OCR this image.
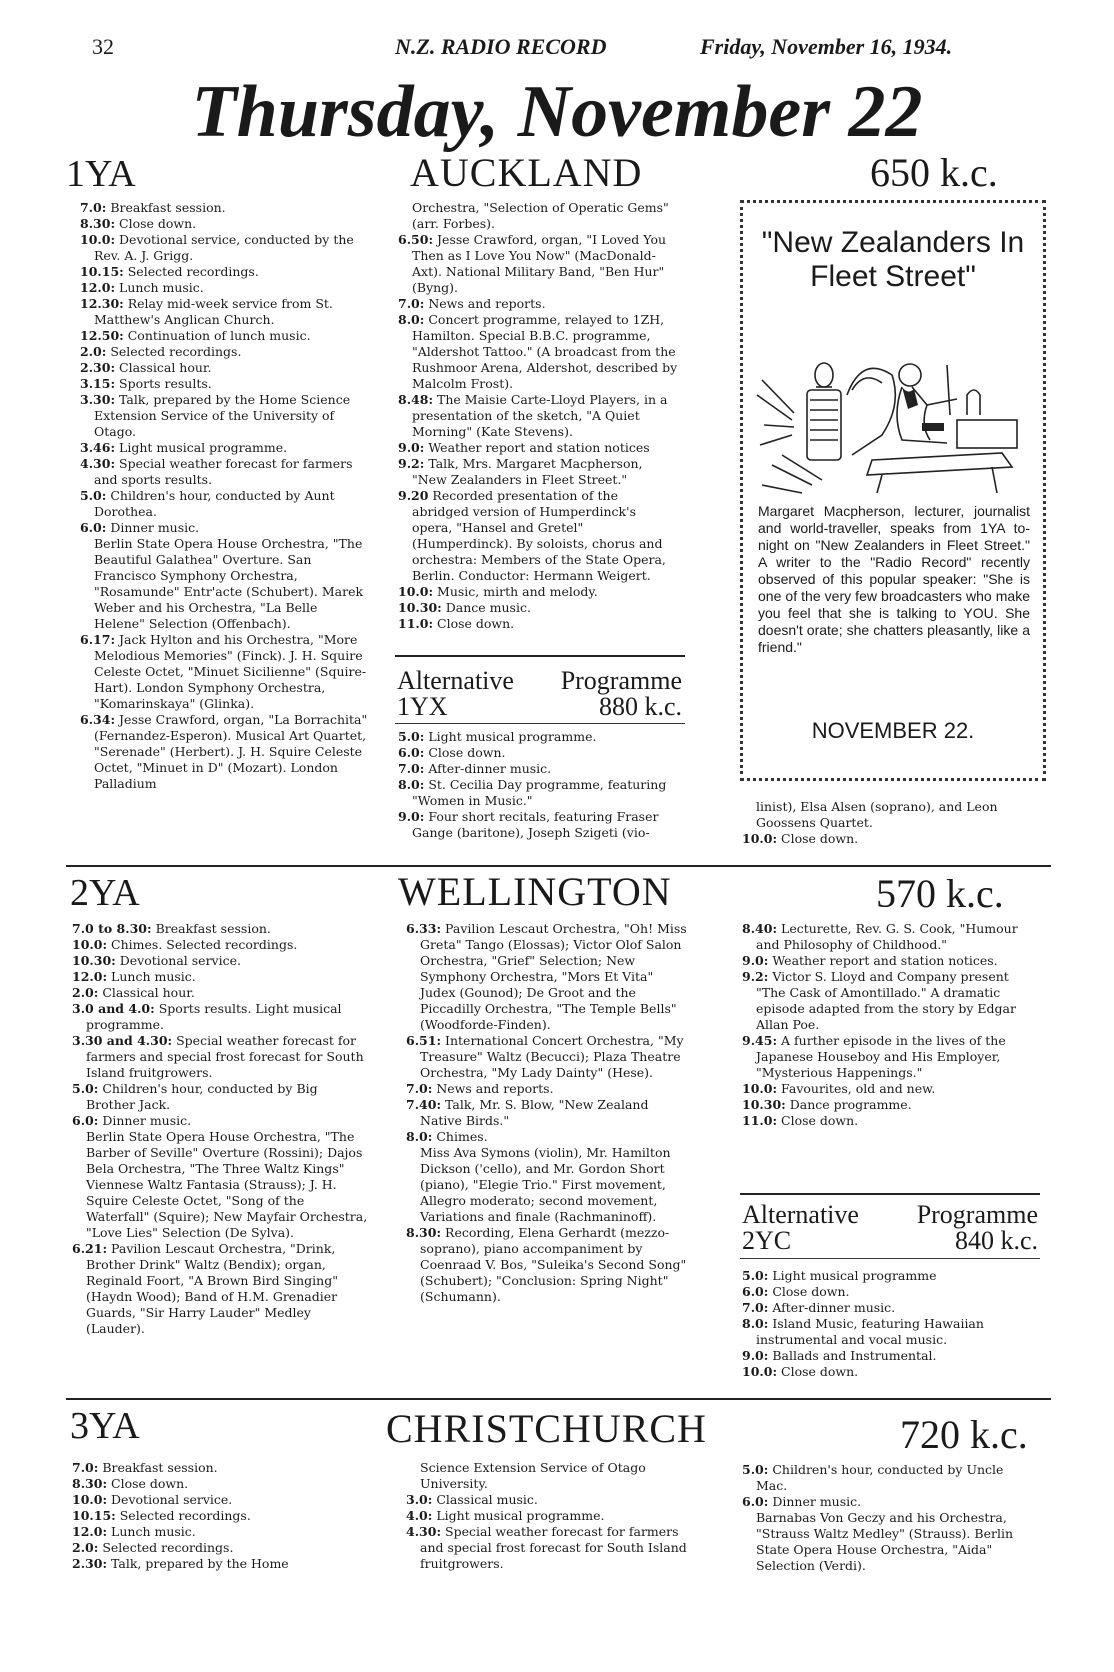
32	N.Z. RADIO RECORD	Friday, November 16, 1934.
Thursday, November 22
1YA	AUCKLAND	650 k.c.

7.0: Breakfast session.

8.30: Close down.

10.0: Devotional service, conducted by the Rev. A. J. Grigg.

10.15: Selected recordings.

12.0: Lunch music.

12.30: Relay mid-week service from St. Matthew's Anglican Church.

12.50: Continuation of lunch music.

2.0: Selected recordings.

2.30: Classical hour.

3.15: Sports results.

3.30: Talk, prepared by the Home Science Extension Service of the University of Otago.

3.46: Light musical programme.

4.30: Special weather forecast for farmers and sports results.

5.0: Children's hour, conducted by Aunt Dorothea.

6.0: Dinner music.

Berlin State Opera House Orchestra, "The Beautiful Galathea" Overture. San Francisco Symphony Orchestra, "Rosamunde" Entr'acte (Schubert). Marek Weber and his Orchestra, "La Belle Helene" Selection (Offenbach).

6.17: Jack Hylton and his Orchestra, "More Melodious Memories" (Finck). J. H. Squire Celeste Octet, "Minuet Sicilienne" (Squire-Hart). London Symphony Orchestra, "Komarinskaya" (Glinka).

6.34: Jesse Crawford, organ, "La Borrachita" (Fernandez-Esperon). Musical Art Quartet, "Serenade" (Herbert). J. H. Squire Celeste Octet, "Minuet in D" (Mozart). London Palladium

Orchestra, "Selection of Operatic Gems" (arr. Forbes).

6.50: Jesse Crawford, organ, "I Loved You Then as I Love You Now" (MacDonald-Axt). National Military Band, "Ben Hur" (Byng).

7.0: News and reports.

8.0: Concert programme, relayed to 1ZH, Hamilton. Special B.B.C. programme, "Aldershot Tattoo." (A broadcast from the Rushmoor Arena, Aldershot, described by Malcolm Frost).

8.48: The Maisie Carte-Lloyd Players, in a presentation of the sketch, "A Quiet Morning" (Kate Stevens).

9.0: Weather report and station notices

9.2: Talk, Mrs. Margaret Macpherson, "New Zealanders in Fleet Street."

9.20 Recorded presentation of the abridged version of Humperdinck's opera, "Hansel and Gretel" (Humperdinck). By soloists, chorus and orchestra: Members of the State Opera, Berlin. Conductor: Hermann Weigert.

10.0: Music, mirth and melody.

10.30: Dance music.

11.0: Close down.

Alternative	Programme
1YX	880 k.c.

5.0: Light musical programme.

6.0: Close down.

7.0: After-dinner music.

8.0: St. Cecilia Day programme, featuring "Women in Music."

9.0: Four short recitals, featuring Fraser Gange (baritone), Joseph Szigeti (vio-

"New Zealanders In Fleet Street"
Margaret Macpherson, lecturer, journalist and world-traveller, speaks from 1YA to-night on "New Zealanders in Fleet Street." A writer to the "Radio Record" recently observed of this popular speaker: "She is one of the very few broadcasters who make you feel that she is talking to YOU. She doesn't orate; she chatters pleasantly, like a friend."
NOVEMBER 22.

linist), Elsa Alsen (soprano), and Leon Goossens Quartet.

10.0: Close down.

2YA	WELLINGTON	570 k.c.

7.0 to 8.30: Breakfast session.

10.0: Chimes. Selected recordings.

10.30: Devotional service.

12.0: Lunch music.

2.0: Classical hour.

3.0 and 4.0: Sports results. Light musical programme.

3.30 and 4.30: Special weather forecast for farmers and special frost forecast for South Island fruitgrowers.

5.0: Children's hour, conducted by Big Brother Jack.

6.0: Dinner music.

Berlin State Opera House Orchestra, "The Barber of Seville" Overture (Rossini); Dajos Bela Orchestra, "The Three Waltz Kings" Viennese Waltz Fantasia (Strauss); J. H. Squire Celeste Octet, "Song of the Waterfall" (Squire); New Mayfair Orchestra, "Love Lies" Selection (De Sylva).

6.21: Pavilion Lescaut Orchestra, "Drink, Brother Drink" Waltz (Bendix); organ, Reginald Foort, "A Brown Bird Singing" (Haydn Wood); Band of H.M. Grenadier Guards, "Sir Harry Lauder" Medley (Lauder).

6.33: Pavilion Lescaut Orchestra, "Oh! Miss Greta" Tango (Elossas); Victor Olof Salon Orchestra, "Grief" Selection; New Symphony Orchestra, "Mors Et Vita" Judex (Gounod); De Groot and the Piccadilly Orchestra, "The Temple Bells" (Woodforde-Finden).

6.51: International Concert Orchestra, "My Treasure" Waltz (Becucci); Plaza Theatre Orchestra, "My Lady Dainty" (Hese).

7.0: News and reports.

7.40: Talk, Mr. S. Blow, "New Zealand Native Birds."

8.0: Chimes.

Miss Ava Symons (violin), Mr. Hamilton Dickson ('cello), and Mr. Gordon Short (piano), "Elegie Trio." First movement, Allegro moderato; second movement, Variations and finale (Rachmaninoff).

8.30: Recording, Elena Gerhardt (mezzo-soprano), piano accompaniment by Coenraad V. Bos, "Suleika's Second Song" (Schubert); "Conclusion: Spring Night" (Schumann).

8.40: Lecturette, Rev. G. S. Cook, "Humour and Philosophy of Childhood."

9.0: Weather report and station notices.

9.2: Victor S. Lloyd and Company present "The Cask of Amontillado." A dramatic episode adapted from the story by Edgar Allan Poe.

9.45: A further episode in the lives of the Japanese Houseboy and His Employer, "Mysterious Happenings."

10.0: Favourites, old and new.

10.30: Dance programme.

11.0: Close down.

Alternative	Programme
2YC	840 k.c.

5.0: Light musical programme

6.0: Close down.

7.0: After-dinner music.

8.0: Island Music, featuring Hawaiian instrumental and vocal music.

9.0: Ballads and Instrumental.

10.0: Close down.

3YA	CHRISTCHURCH	720 k.c.

7.0: Breakfast session.

8.30: Close down.

10.0: Devotional service.

10.15: Selected recordings.

12.0: Lunch music.

2.0: Selected recordings.

2.30: Talk, prepared by the Home

Science Extension Service of Otago University.

3.0: Classical music.

4.0: Light musical programme.

4.30: Special weather forecast for farmers and special frost forecast for South Island fruitgrowers.

5.0: Children's hour, conducted by Uncle Mac.

6.0: Dinner music.

Barnabas Von Geczy and his Orchestra, "Strauss Waltz Medley" (Strauss). Berlin State Opera House Orchestra, "Aida" Selection (Verdi).
